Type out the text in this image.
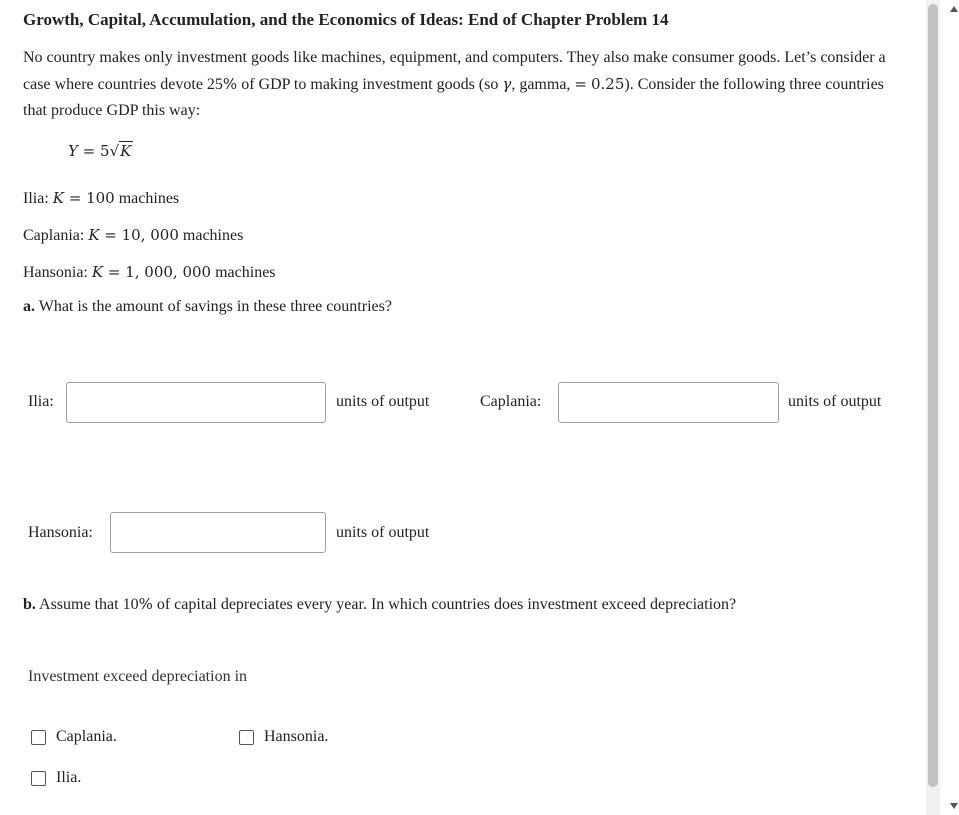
Growth, Capital, Accumulation, and the Economics of Ideas: End of Chapter Problem 14
No country makes only investment goods like machines, equipment, and computers. They also make consumer goods. Let’s consider a case where countries devote 25% of GDP to making investment goods (so γ, gamma, = 0.25). Consider the following three countries that produce GDP this way:
Y = 5√K
Ilia: K = 100 machines
Caplania: K = 10, 000 machines
Hansonia: K = 1, 000, 000 machines
a. What is the amount of savings in these three countries?
Ilia:	units of output	Caplania:	units of output
Hansonia:	units of output
b. Assume that 10% of capital depreciates every year. In which countries does investment exceed depreciation?
Investment exceed depreciation in
Caplania.	Hansonia.
Ilia.
